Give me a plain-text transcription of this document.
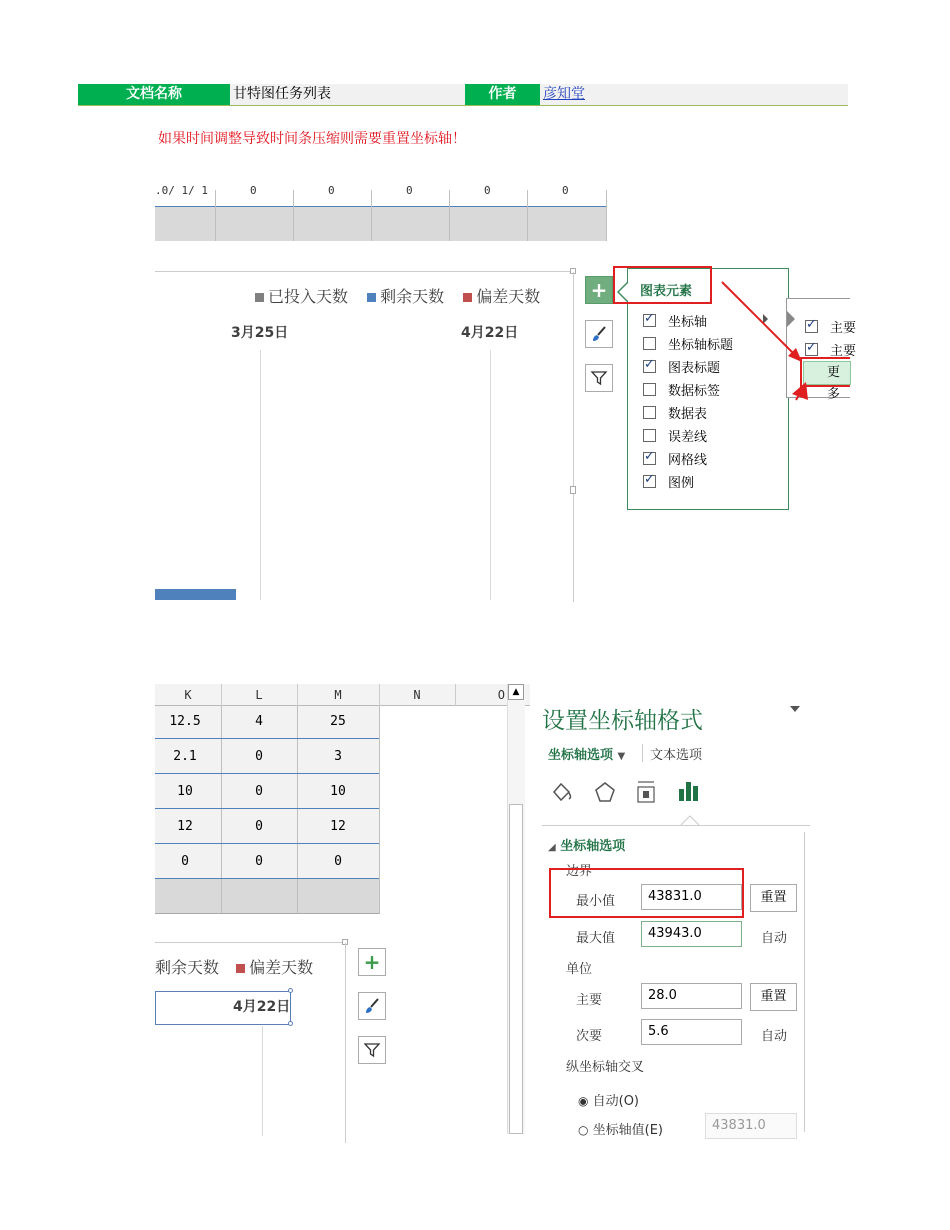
文档名称	甘特图任务列表	作者	彦知堂
如果时间调整导致时间条压缩则需要重置坐标轴！
.0/ 1/ 1	0	0	0	0	0
已投入天数 剩余天数 偏差天数
3月25日	4月22日
+	图表元素
✓
坐标轴
坐标轴标题
✓
图表标题
数据标签
数据表
误差线
✓
网格线
✓
图例
✓
主要
✓
主要
更多
K	L	M	N	O
12.5	4	25
2.1	0	3
10	0	10
12	0	12
0	0	0
▲
剩余天数 偏差天数
4月22日
+
设置坐标轴格式
坐标轴选项 ▼ 文本选项
◢ 坐标轴选项
边界
最小值	43831.0	重置
最大值	43943.0	自动
单位
主要	28.0	重置
次要	5.6	自动
纵坐标轴交叉
◉ 自动(O)
○ 坐标轴值(E)	43831.0
